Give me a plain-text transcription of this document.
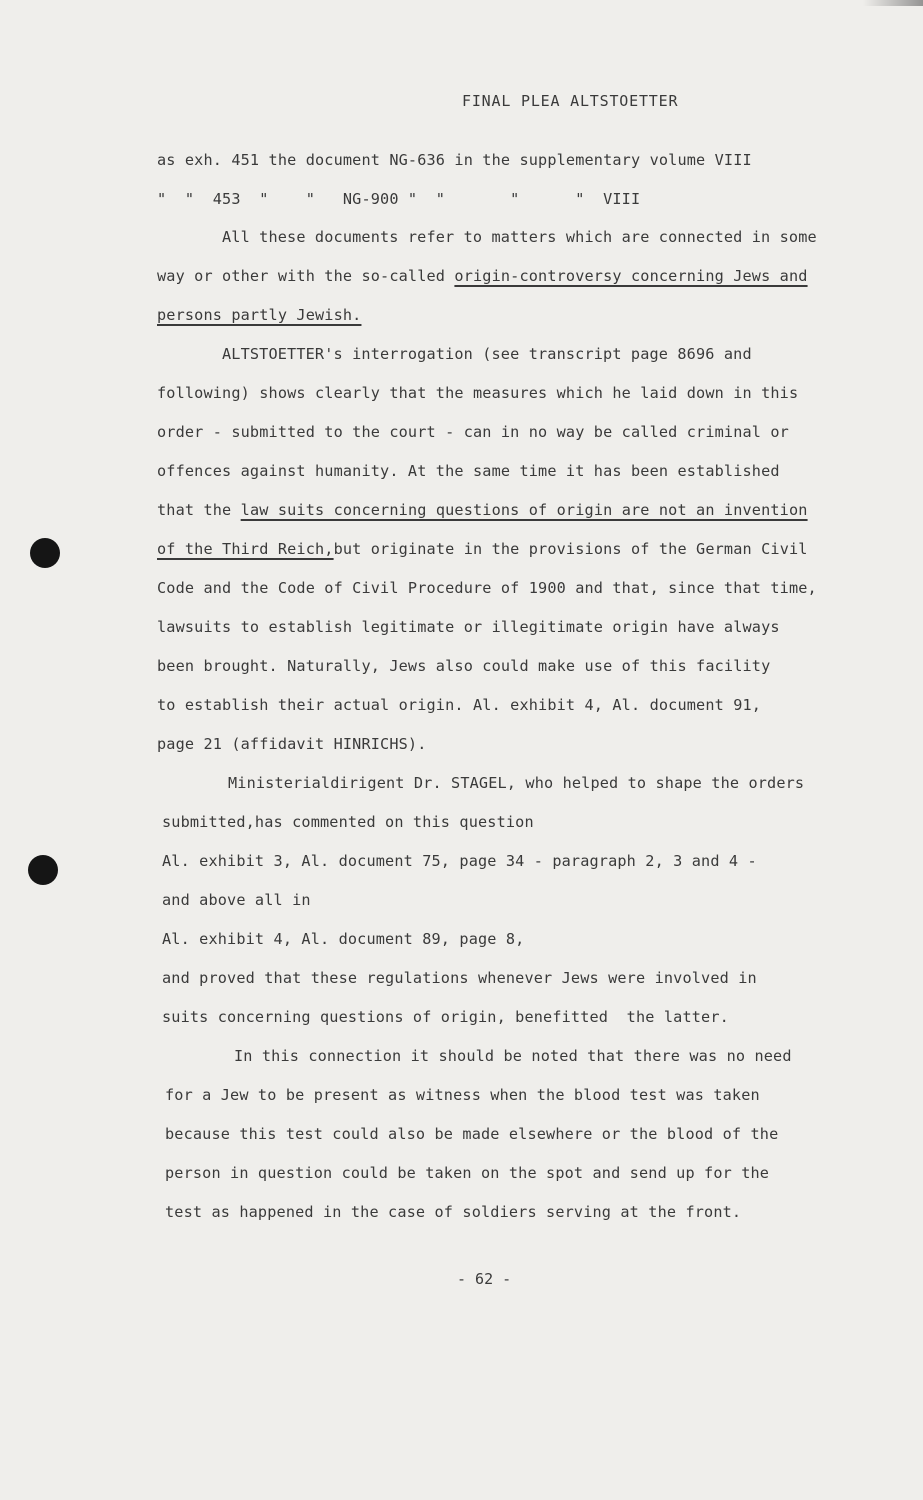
FINAL PLEA ALTSTOETTER
as exh. 451 the document NG-636 in the supplementary volume VIII
"  "  453  "    "   NG-900 "  "       "      "  VIII
All these documents refer to matters which are connected in some
way or other with the so-called origin-controversy concerning Jews and
persons partly Jewish.
ALTSTOETTER's interrogation (see transcript page 8696 and
following) shows clearly that the measures which he laid down in this
order - submitted to the court - can in no way be called criminal or
offences against humanity. At the same time it has been established
that the law suits concerning questions of origin are not an invention
of the Third Reich,but originate in the provisions of the German Civil
Code and the Code of Civil Procedure of 1900 and that, since that time,
lawsuits to establish legitimate or illegitimate origin have always
been brought. Naturally, Jews also could make use of this facility
to establish their actual origin. Al. exhibit 4, Al. document 91,
page 21 (affidavit HINRICHS).
Ministerialdirigent Dr. STAGEL, who helped to shape the orders
submitted,has commented on this question
Al. exhibit 3, Al. document 75, page 34 - paragraph 2, 3 and 4 -
and above all in
Al. exhibit 4, Al. document 89, page 8,
and proved that these regulations whenever Jews were involved in
suits concerning questions of origin, benefitted  the latter.
In this connection it should be noted that there was no need
for a Jew to be present as witness when the blood test was taken
because this test could also be made elsewhere or the blood of the
person in question could be taken on the spot and send up for the
test as happened in the case of soldiers serving at the front.
- 62 -
